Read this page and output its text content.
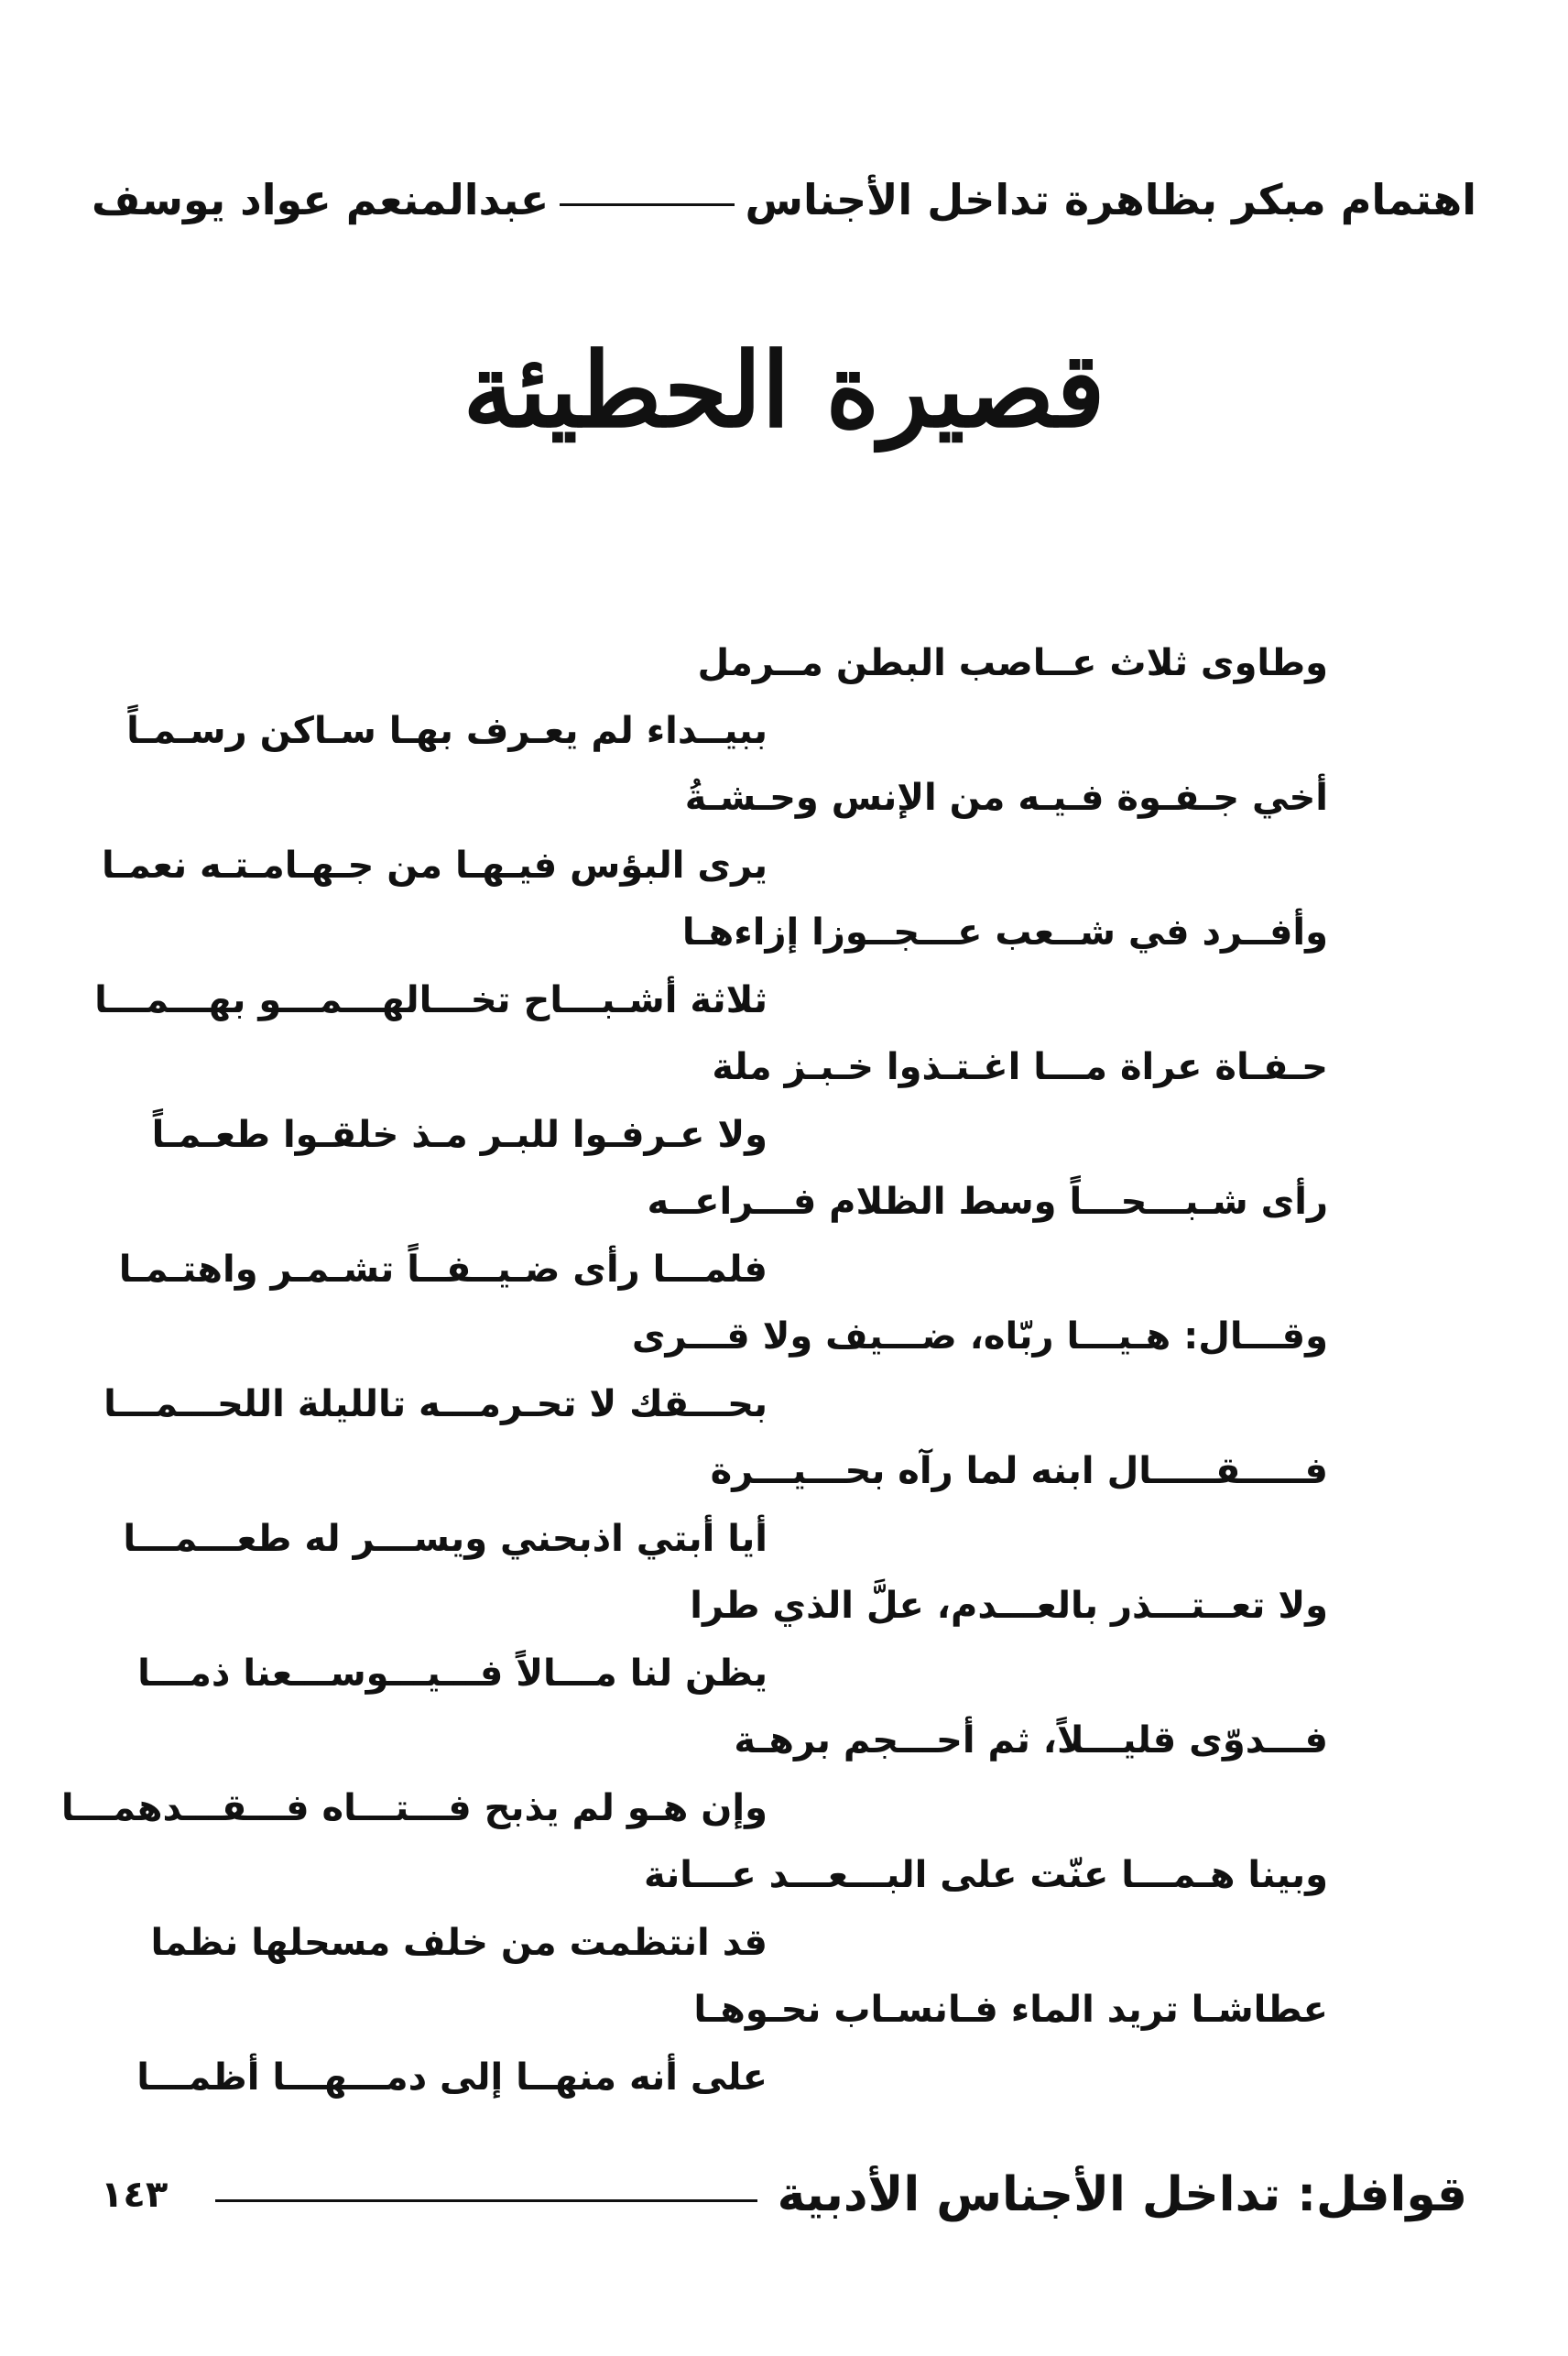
اهتمام مبكر بظاهرة تداخل الأجناس
عبدالمنعم عواد يوسف
قصيرة الحطيئة
وطاوى ثلاث عــاصب البطن مــرمل
ببيــداء لم يعـرف بهـا سـاكن رسـمـاً
أخي جـفـوة فـيـه من الإنس وحـشـةُ
يرى البؤس فيـهـا من جـهـامـتـه نعمـا
وأفــرد في شــعب عـــجــوزا إزاءهـا
ثلاثة أشـبـــاح تخـــالهـــمـــو بهـــمـــا
حـفـاة عراة مـــا اغـتـذوا خـبـز ملة
ولا عـرفـوا للبـر مـذ خلقـوا طعـمـاً
رأى شـبـــحـــاً وسط الظلام فـــراعــه
فلمـــا رأى ضـيــفــاً تشـمـر واهتـمـا
وقـــال: هـيـــا ربّاه، ضـــيف ولا قـــرى
بحـــقك لا تحـرمـــه تالليلة اللحـــمـــا
فـــــقـــــال ابنه لما رآه بحـــيـــرة
أيا أبتي اذبحني ويســـر له طعـــمـــا
ولا تعــتـــذر بالعـــدم، علَّ الذي طرا
يظن لنا مـــالاً فـــيـــوســـعنا ذمـــا
فـــدوّى قليـــلاً، ثم أحـــجم برهـة
وإن هـو لم يذبح فـــتـــاه فـــقـــدهمـــا
وبينا هـمـــا عنّت على البـــعـــد عـــانة
قد انتظمت من خلف مسحلها نظما
عطاشـا تريد الماء فـانسـاب نحـوهـا
على أنه منهــا إلى دمـــهـــا أظمـــا
قوافل: تداخل الأجناس الأدبية
١٤٣
